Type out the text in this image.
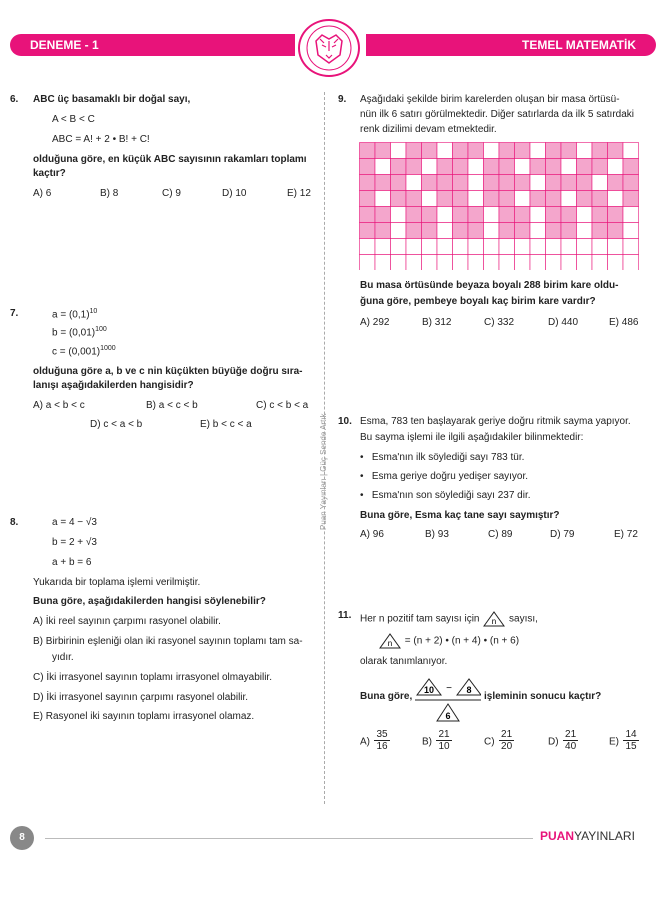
DENEME - 1	TEMEL MATEMATİK
Puan Yayınları | Güç Sende Artık
6. ABC üç basamaklı bir doğal sayı,
A < B < C
ABC = A! + 2 • B! + C!
olduğuna göre, en küçük ABC sayısının rakamları toplamı
kaçtır?
A) 6	B) 8	C) 9	D) 10	E) 12
7.	$a = (0,1)^{10}$
$b = (0,01)^{100}$
$c = (0,001)^{1000}$
olduğuna göre a, b ve c nin küçükten büyüğe doğru sıra-
lanışı aşağıdakilerden hangisidir?
A) a < b < c	B) a < c < b	C) c < b < a
D) c < a < b	E) b < c < a
8.	a = 4 − √3
b = 2 + √3
a + b = 6
Yukarıda bir toplama işlemi verilmiştir.
Buna göre, aşağıdakilerden hangisi söylenebilir?
A) İki reel sayının çarpımı rasyonel olabilir.
B) Birbirinin eşleniği olan iki rasyonel sayının toplamı tam sa-
yıdır.
C) İki irrasyonel sayının toplamı irrasyonel olmayabilir.
D) İki irrasyonel sayının çarpımı rasyonel olabilir.
E) Rasyonel iki sayının toplamı irrasyonel olamaz.
9. Aşağıdaki şekilde birim karelerden oluşan bir masa örtüsü-
nün ilk 6 satırı görülmektedir. Diğer satırlarda da ilk 5 satırdaki
renk dizilimi devam etmektedir.
Bu masa örtüsünde beyaza boyalı 288 birim kare oldu-
ğuna göre, pembeye boyalı kaç birim kare vardır?
A) 292	B) 312	C) 332	D) 440	E) 486
10. Esma, 783 ten başlayarak geriye doğru ritmik sayma yapıyor.
Bu sayma işlemi ile ilgili aşağıdakiler bilinmektedir:
• Esma'nın ilk söylediği sayı 783 tür.
• Esma geriye doğru yedişer sayıyor.
• Esma'nın son söylediği sayı 237 dir.
Buna göre, Esma kaç tane sayı saymıştır?
A) 96	B) 93	C) 89	D) 79	E) 72
11. Her n pozitif tam sayısı için n sayısı,
n = (n + 2) • (n + 4) • (n + 6)
olarak tanımlanıyor.
Buna göre,
10 − 8
6
işleminin sonucu kaçtır?
$A) \frac{35}{16}$	$B) \frac{21}{10}$	$C) \frac{21}{20}$	$D) \frac{21}{40}$	$E) \frac{14}{15}$
8	PUANYAYINLARI
